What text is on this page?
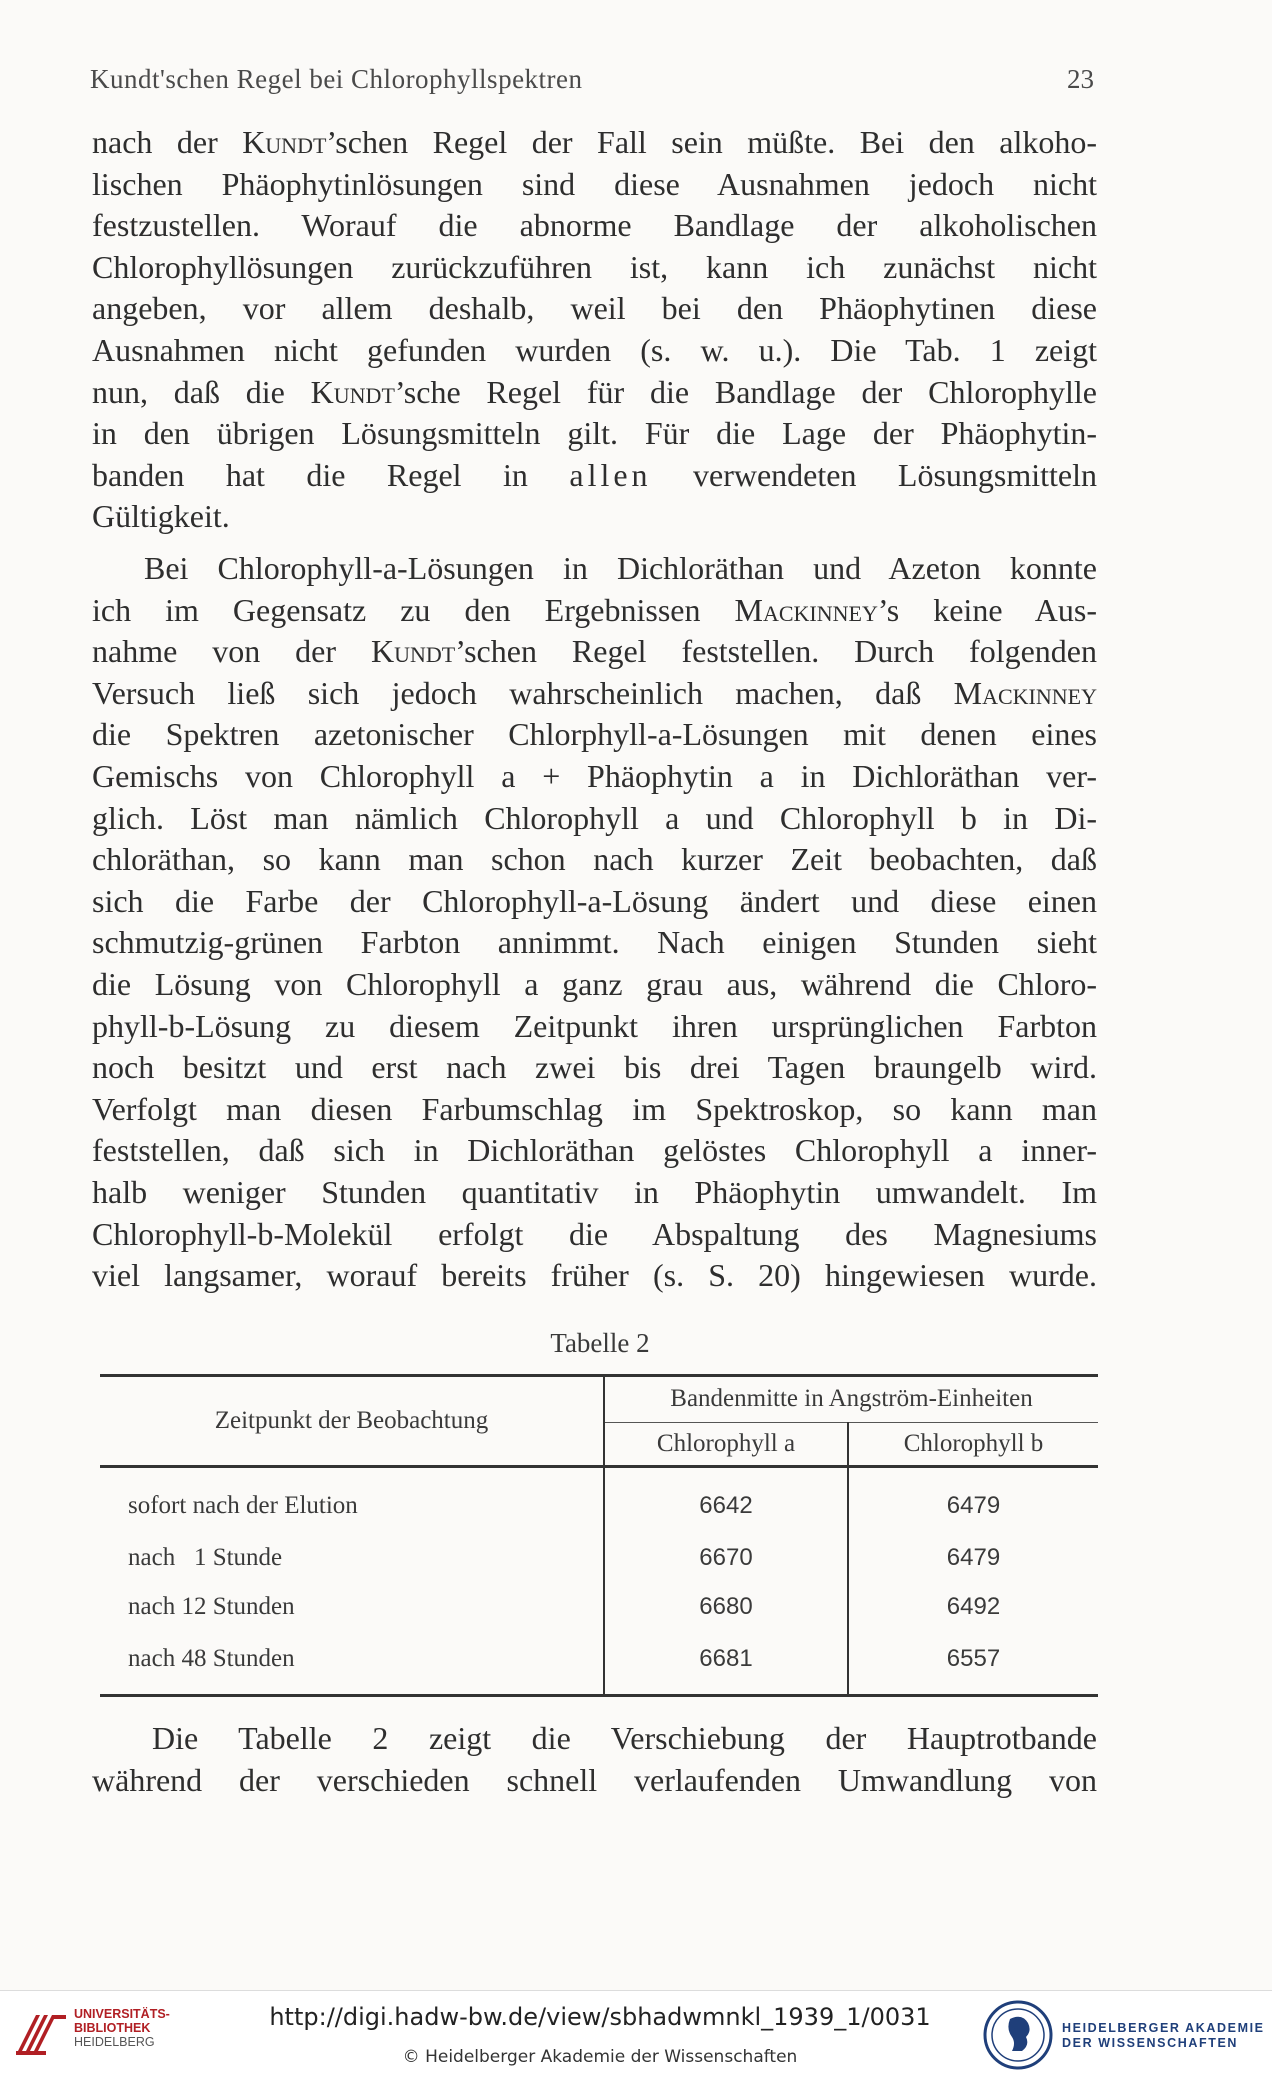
Kundt'schen Regel bei Chlorophyllspektren	23
nach der Kundt’schen Regel der Fall sein müßte. Bei den alkoho-
lischen Phäophytinlösungen sind diese Ausnahmen jedoch nicht
festzustellen. Worauf die abnorme Bandlage der alkoholischen
Chlorophyllösungen zurückzuführen ist, kann ich zunächst nicht
angeben, vor allem deshalb, weil bei den Phäophytinen diese
Ausnahmen nicht gefunden wurden (s. w. u.). Die Tab. 1 zeigt
nun, daß die Kundt’sche Regel für die Bandlage der Chlorophylle
in den übrigen Lösungsmitteln gilt. Für die Lage der Phäophytin-
banden hat die Regel in allen verwendeten Lösungsmitteln
Gültigkeit.
Bei Chlorophyll-a-Lösungen in Dichloräthan und Azeton konnte
ich im Gegensatz zu den Ergebnissen Mackinney’s keine Aus-
nahme von der Kundt’schen Regel feststellen. Durch folgenden
Versuch ließ sich jedoch wahrscheinlich machen, daß Mackinney
die Spektren azetonischer Chlorphyll-a-Lösungen mit denen eines
Gemischs von Chlorophyll a + Phäophytin a in Dichloräthan ver-
glich. Löst man nämlich Chlorophyll a und Chlorophyll b in Di-
chloräthan, so kann man schon nach kurzer Zeit beobachten, daß
sich die Farbe der Chlorophyll-a-Lösung ändert und diese einen
schmutzig-grünen Farbton annimmt. Nach einigen Stunden sieht
die Lösung von Chlorophyll a ganz grau aus, während die Chloro-
phyll-b-Lösung zu diesem Zeitpunkt ihren ursprünglichen Farbton
noch besitzt und erst nach zwei bis drei Tagen braungelb wird.
Verfolgt man diesen Farbumschlag im Spektroskop, so kann man
feststellen, daß sich in Dichloräthan gelöstes Chlorophyll a inner-
halb weniger Stunden quantitativ in Phäophytin umwandelt. Im
Chlorophyll-b-Molekül erfolgt die Abspaltung des Magnesiums
viel langsamer, worauf bereits früher (s. S. 20) hingewiesen wurde.
Tabelle 2
Zeitpunkt der Beobachtung	Bandenmitte in Angström-Einheiten	
	Chlorophyll a	Chlorophyll b
sofort nach der Elution	6642	6479
nach   1 Stunde	6670	6479
nach 12 Stunden	6680	6492
nach 48 Stunden	6681	6557
Die Tabelle 2 zeigt die Verschiebung der Hauptrotbande
während der verschieden schnell verlaufenden Umwandlung von
UNIVERSITÄTS-
BIBLIOTHEK
HEIDELBERG
http://digi.hadw-bw.de/view/sbhadwmnkl_1939_1/0031
© Heidelberger Akademie der Wissenschaften
HEIDELBERGER AKADEMIE
DER WISSENSCHAFTEN
